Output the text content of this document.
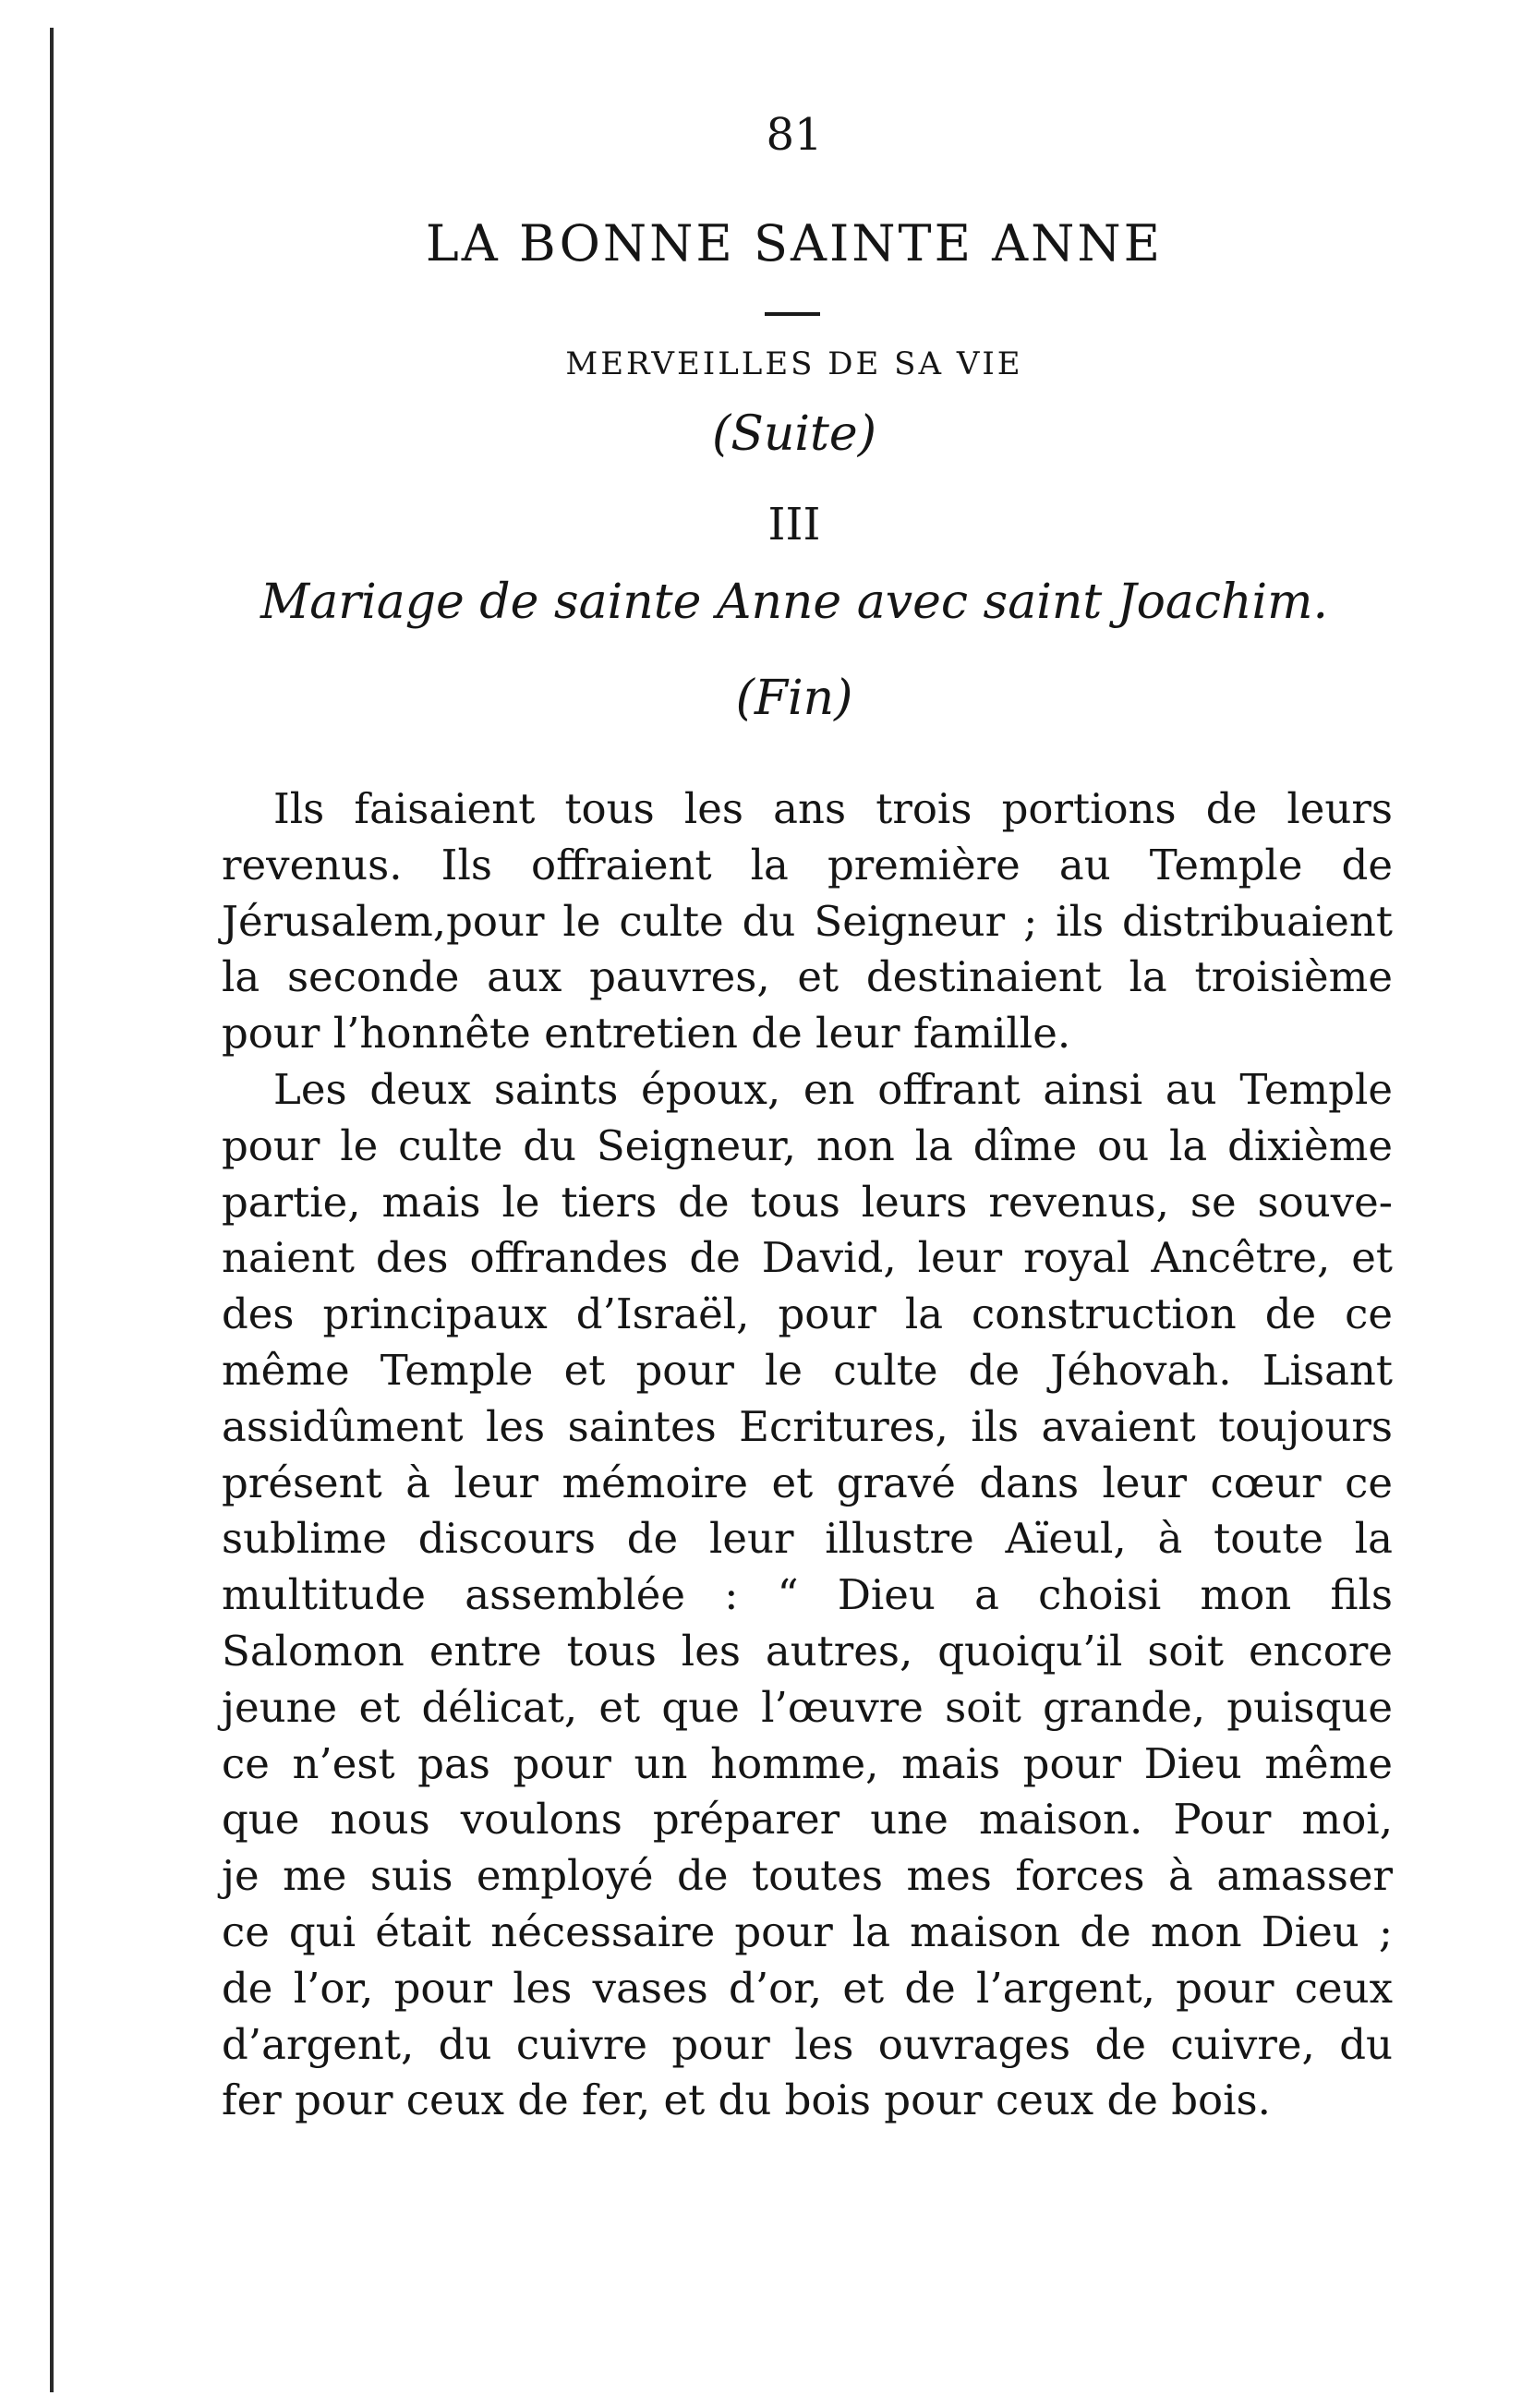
81
LA BONNE SAINTE ANNE
MERVEILLES DE SA VIE
(Suite)
III
Mariage de sainte Anne avec saint Joachim.
(Fin)
Ils faisaient tous les ans trois portions de leurs
revenus. Ils offraient la première au Temple de
Jérusalem,pour le culte du Seigneur ; ils distribuaient
la seconde aux pauvres, et destinaient la troisième
pour l’honnête entretien de leur famille.
Les deux saints époux, en offrant ainsi au Temple
pour le culte du Seigneur, non la dîme ou la dixième
partie, mais le tiers de tous leurs revenus, se souve-
naient des offrandes de David, leur royal Ancêtre, et
des principaux d’Israël, pour la construction de ce
même Temple et pour le culte de Jéhovah. Lisant
assidûment les saintes Ecritures, ils avaient toujours
présent à leur mémoire et gravé dans leur cœur ce
sublime discours de leur illustre Aïeul, à toute la
multitude assemblée : “ Dieu a choisi mon fils
Salomon entre tous les autres, quoiqu’il soit encore
jeune et délicat, et que l’œuvre soit grande, puisque
ce n’est pas pour un homme, mais pour Dieu même
que nous voulons préparer une maison. Pour moi,
je me suis employé de toutes mes forces à amasser
ce qui était nécessaire pour la maison de mon Dieu ;
de l’or, pour les vases d’or, et de l’argent, pour ceux
d’argent, du cuivre pour les ouvrages de cuivre, du
fer pour ceux de fer, et du bois pour ceux de bois.
